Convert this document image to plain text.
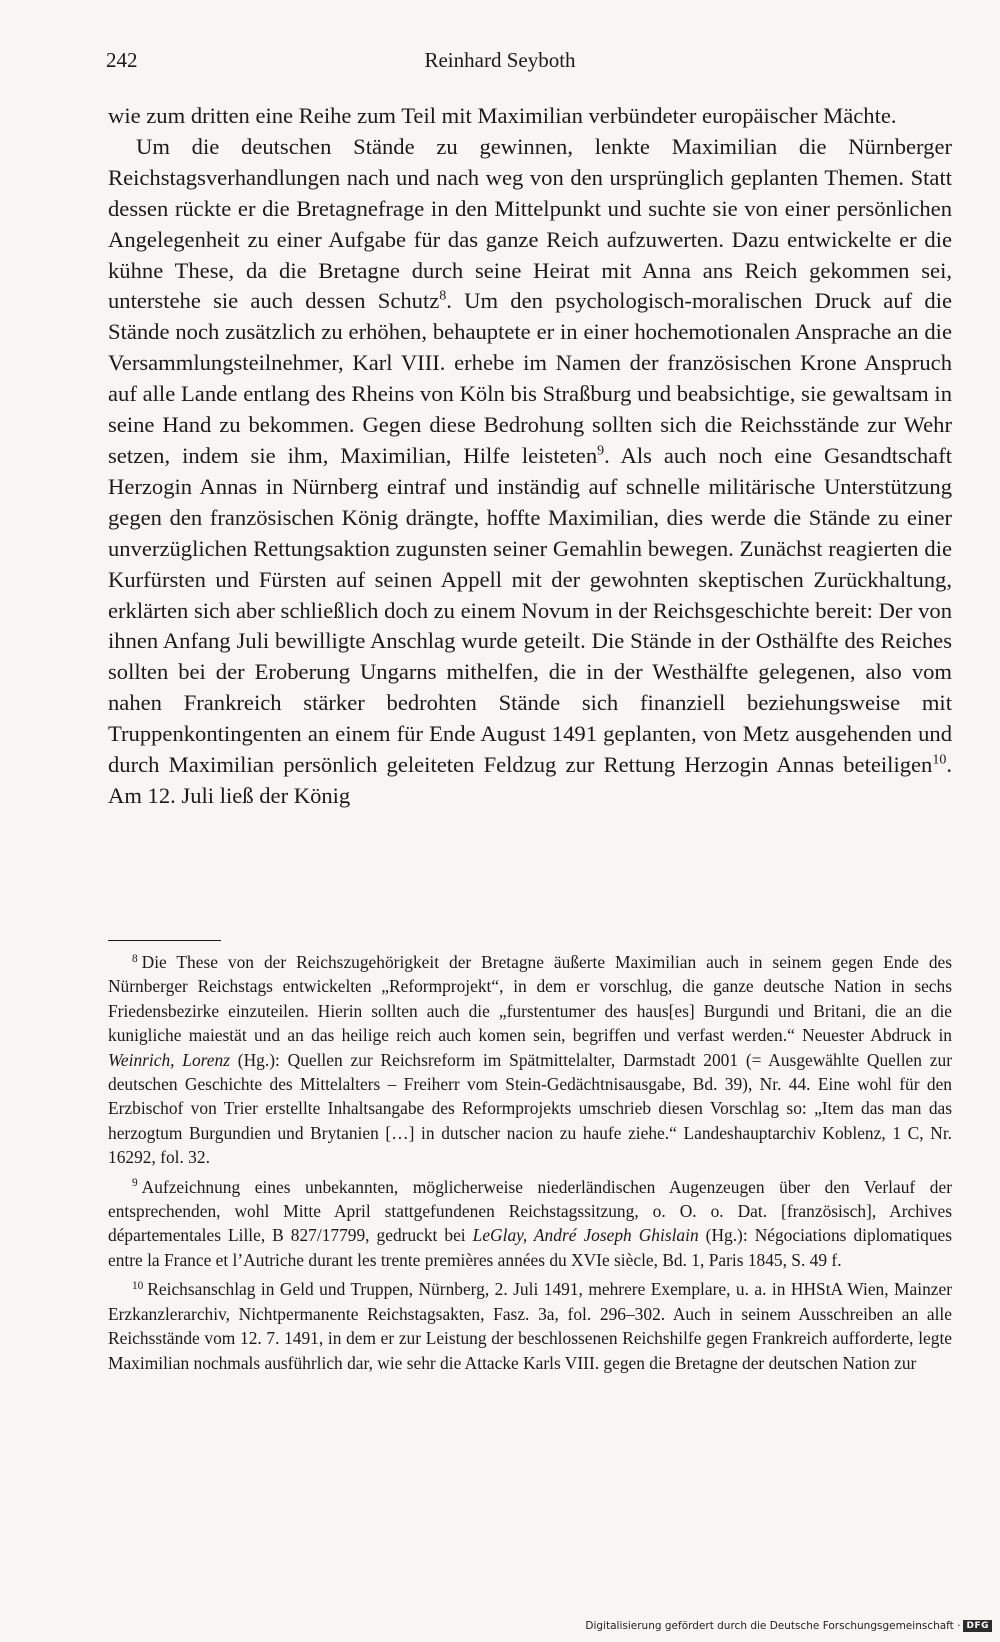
242	Reinhard Seyboth

wie zum dritten eine Reihe zum Teil mit Maximilian verbündeter europäischer Mächte.

Um die deutschen Stände zu gewinnen, lenkte Maximilian die Nürnberger Reichstagsverhandlungen nach und nach weg von den ursprünglich geplanten Themen. Statt dessen rückte er die Bretagnefrage in den Mittelpunkt und suchte sie von einer persönlichen Angelegenheit zu einer Aufgabe für das ganze Reich aufzuwerten. Dazu entwickelte er die kühne These, da die Bretagne durch seine Heirat mit Anna ans Reich gekommen sei, unterstehe sie auch dessen Schutz$^8$. Um den psychologisch-moralischen Druck auf die Stände noch zusätzlich zu erhöhen, behauptete er in einer hochemotionalen Ansprache an die Versammlungsteilnehmer, Karl VIII. erhebe im Namen der französischen Krone Anspruch auf alle Lande entlang des Rheins von Köln bis Straßburg und beabsichtige, sie gewaltsam in seine Hand zu bekommen. Gegen diese Bedrohung sollten sich die Reichsstände zur Wehr setzen, indem sie ihm, Maximilian, Hilfe leisteten$^9$. Als auch noch eine Gesandtschaft Herzogin Annas in Nürnberg eintraf und inständig auf schnelle militärische Unterstützung gegen den französischen König drängte, hoffte Maximilian, dies werde die Stände zu einer unverzüglichen Rettungsaktion zugunsten seiner Gemahlin bewegen. Zunächst reagierten die Kurfürsten und Fürsten auf seinen Appell mit der gewohnten skeptischen Zurückhaltung, erklärten sich aber schließlich doch zu einem Novum in der Reichsgeschichte bereit: Der von ihnen Anfang Juli bewilligte Anschlag wurde geteilt. Die Stände in der Osthälfte des Reiches sollten bei der Eroberung Ungarns mithelfen, die in der Westhälfte gelegenen, also vom nahen Frankreich stärker bedrohten Stände sich finanziell beziehungsweise mit Truppenkontingenten an einem für Ende August 1491 geplanten, von Metz ausgehenden und durch Maximilian persönlich geleiteten Feldzug zur Rettung Herzogin Annas beteiligen$^{10}$. Am 12. Juli ließ der König

$^8$ Die These von der Reichszugehörigkeit der Bretagne äußerte Maximilian auch in seinem gegen Ende des Nürnberger Reichstags entwickelten „Reformprojekt“, in dem er vorschlug, die ganze deutsche Nation in sechs Friedensbezirke einzuteilen. Hierin sollten auch die „furstentumer des haus[es] Burgundi und Britani, die an die kunigliche maiestät und an das heilige reich auch komen sein, begriffen und verfast werden.“ Neuester Abdruck in Weinrich, Lorenz (Hg.): Quellen zur Reichsreform im Spätmittelalter, Darmstadt 2001 (= Ausgewählte Quellen zur deutschen Geschichte des Mittelalters – Freiherr vom Stein-Gedächtnisausgabe, Bd. 39), Nr. 44. Eine wohl für den Erzbischof von Trier erstellte Inhaltsangabe des Reformprojekts umschrieb diesen Vorschlag so: „Item das man das herzogtum Burgundien und Brytanien […] in dutscher nacion zu haufe ziehe.“ Landeshauptarchiv Koblenz, 1 C, Nr. 16292, fol. 32.

$^9$ Aufzeichnung eines unbekannten, möglicherweise niederländischen Augenzeugen über den Verlauf der entsprechenden, wohl Mitte April stattgefundenen Reichstagssitzung, o. O. o. Dat. [französisch], Archives départementales Lille, B 827/17799, gedruckt bei LeGlay, André Joseph Ghislain (Hg.): Négociations diplomatiques entre la France et l’Autriche durant les trente premières années du XVIe siècle, Bd. 1, Paris 1845, S. 49 f.

$^{10}$ Reichsanschlag in Geld und Truppen, Nürnberg, 2. Juli 1491, mehrere Exemplare, u. a. in HHStA Wien, Mainzer Erzkanzlerarchiv, Nichtpermanente Reichstagsakten, Fasz. 3a, fol. 296–302. Auch in seinem Ausschreiben an alle Reichsstände vom 12. 7. 1491, in dem er zur Leistung der beschlossenen Reichshilfe gegen Frankreich aufforderte, legte Maximilian nochmals ausführlich dar, wie sehr die Attacke Karls VIII. gegen die Bretagne der deutschen Nation zur

Digitalisierung gefördert durch die Deutsche Forschungsgemeinschaft · DFG
